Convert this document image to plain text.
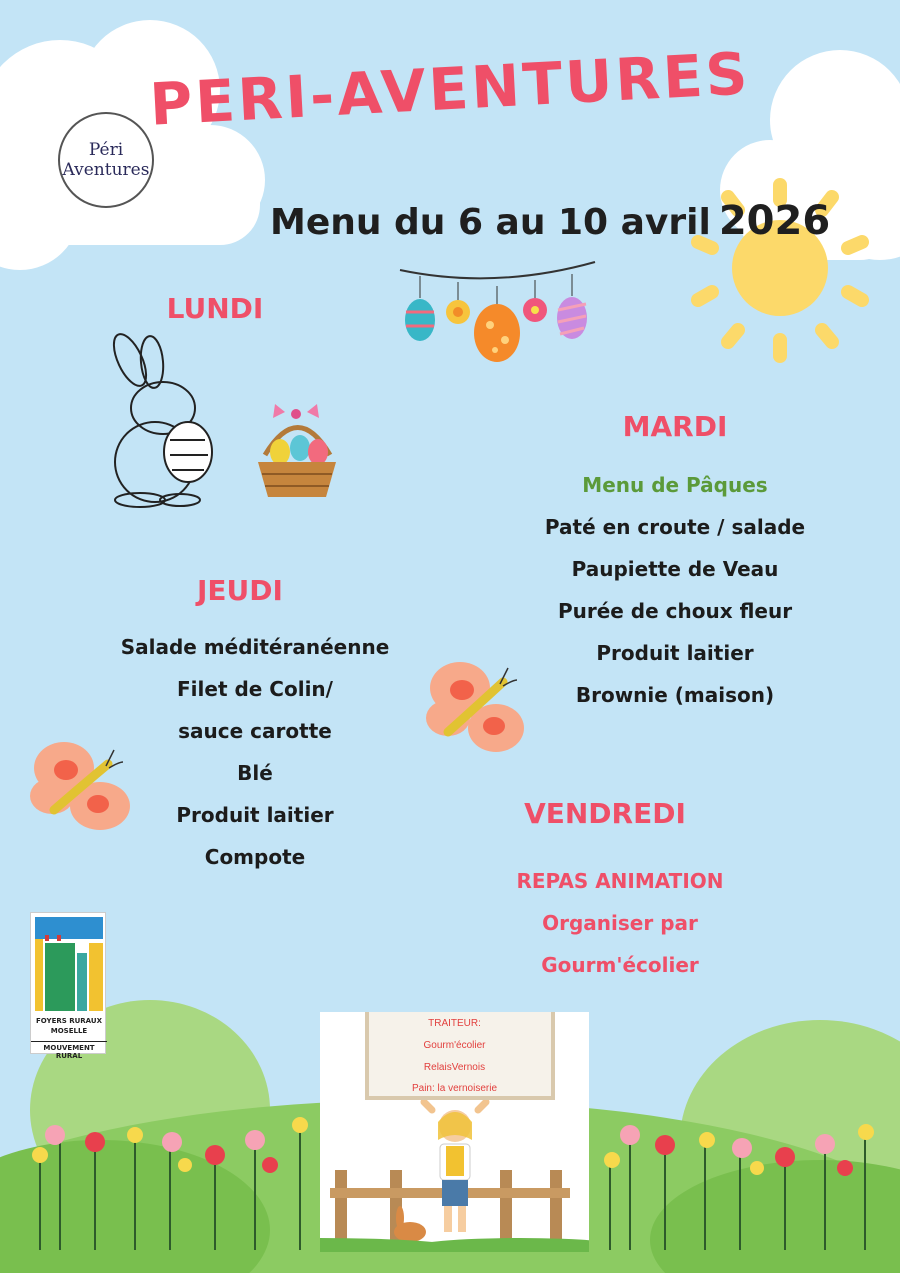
PERI-AVENTURES
Menu du 6 au 10 avril 2026
Péri
Aventures
LUNDI
MARDI
Menu de Pâques
Paté en croute / salade
Paupiette de Veau
Purée de choux fleur
Produit laitier
Brownie (maison)
JEUDI
Salade méditéranéenne
Filet de Colin/
sauce carotte
Blé
Produit laitier
Compote
VENDREDI
REPAS ANIMATION
Organiser par Gourm'écolier
FOYERS RURAUX
MOSELLE
MOUVEMENT RURAL
TRAITEUR:
Gourm'écolier
RelaisVernois
Pain: la vernoiserie
